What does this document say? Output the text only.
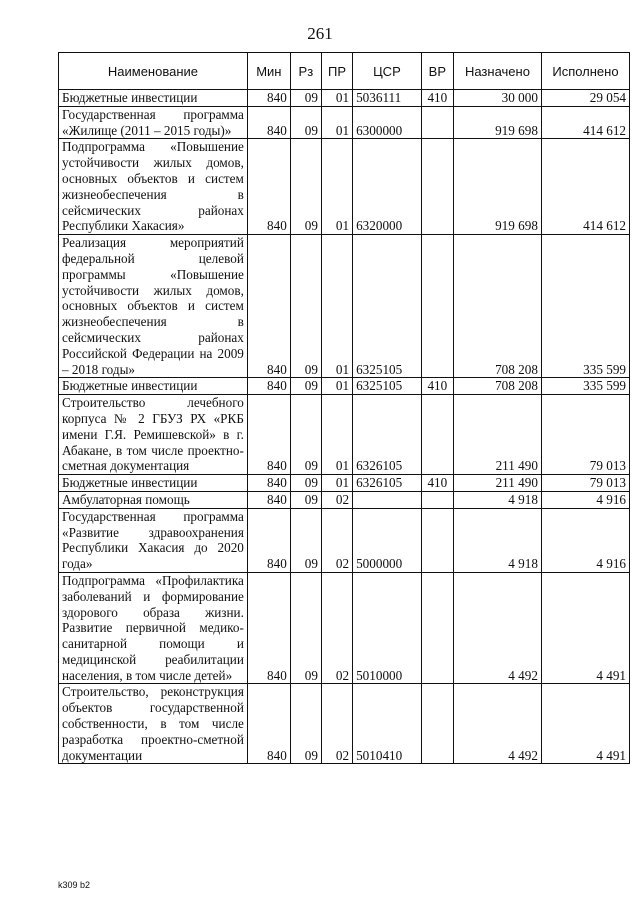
261
Наименование	Мин	Рз	ПР	ЦСР	ВР	Назначено	Исполнено
Бюджетные инвестиции	840	09	01	5036111	410	30 000	29 054
Государственная программа «Жилище (2011 – 2015 годы)»	840	09	01	6300000		919 698	414 612
Подпрограмма «Повышение устойчивости жилых домов, основных объектов и систем жизнеобеспечения в сейсмических районах Республики Хакасия»	840	09	01	6320000		919 698	414 612
Реализация мероприятий федеральной целевой программы «Повышение устойчивости жилых домов, основных объектов и систем жизнеобеспечения в сейсмических районах Российской Федерации на 2009 – 2018 годы»	840	09	01	6325105		708 208	335 599
Бюджетные инвестиции	840	09	01	6325105	410	708 208	335 599
Строительство лечебного корпуса № 2 ГБУЗ РХ «РКБ имени Г.Я. Ремишевской» в г. Абакане, в том числе проектно-сметная документация	840	09	01	6326105		211 490	79 013
Бюджетные инвестиции	840	09	01	6326105	410	211 490	79 013
Амбулаторная помощь	840	09	02			4 918	4 916
Государственная программа «Развитие здравоохранения Республики Хакасия до 2020 года»	840	09	02	5000000		4 918	4 916
Подпрограмма «Профилактика заболеваний и формирование здорового образа жизни. Развитие первичной медико-санитарной помощи и медицинской реабилитации населения, в том числе детей»	840	09	02	5010000		4 492	4 491
Строительство, реконструкция объектов государственной собственности, в том числе разработка проектно-сметной документации	840	09	02	5010410		4 492	4 491
k309 b2
